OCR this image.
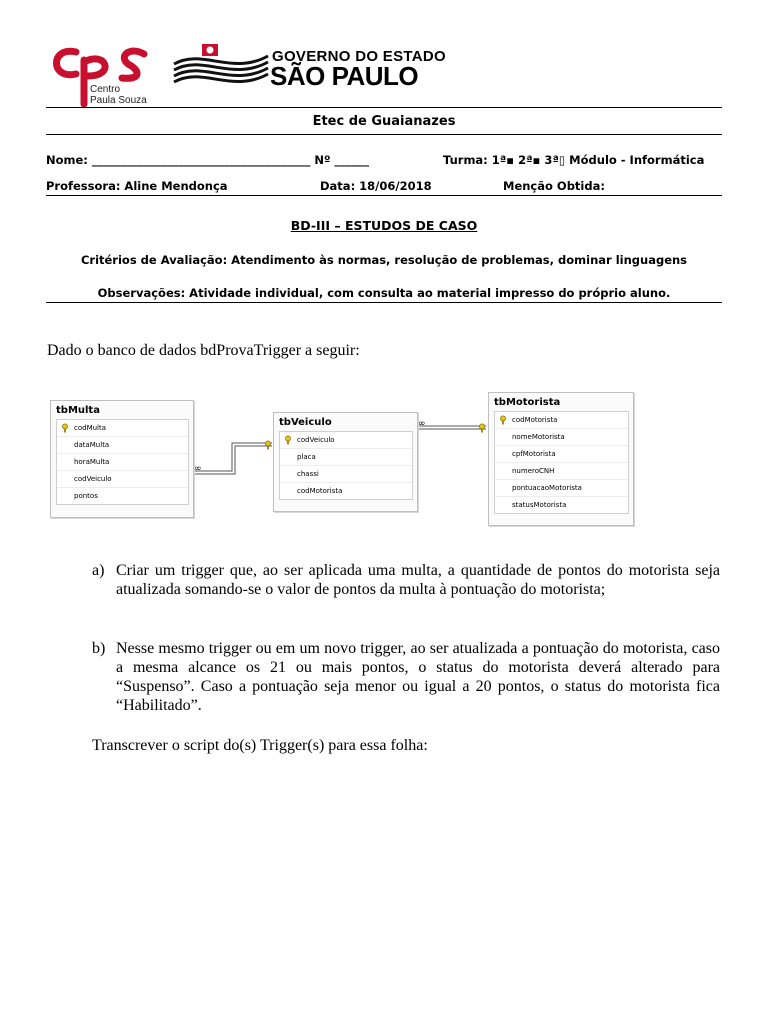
Centro
Paula Souza
GOVERNO DO ESTADO
SÃO PAULO
Etec de Guaianazes
Nome: ______________________________________ Nº ______	Turma: 1ª▪ 2ª▪ 3ª▯ Módulo - Informática
Professora: Aline Mendonça	Data: 18/06/2018	Menção Obtida:
BD-III – ESTUDOS DE CASO
Critérios de Avaliação: Atendimento às normas, resolução de problemas, dominar linguagens
Observações: Atividade individual, com consulta ao material impresso do próprio aluno.
Dado o banco de dados bdProvaTrigger a seguir:
∞
∞
tbMulta
codMulta
dataMulta
horaMulta
codVeiculo
pontos
tbVeiculo
codVeiculo
placa
chassi
codMotorista
tbMotorista
codMotorista
nomeMotorista
cpfMotorista
numeroCNH
pontuacaoMotorista
statusMotorista
a) Criar um trigger que, ao ser aplicada uma multa, a quantidade de pontos do motorista seja atualizada somando-se o valor de pontos da multa à pontuação do motorista;
b) Nesse mesmo trigger ou em um novo trigger, ao ser atualizada a pontuação do motorista, caso a mesma alcance os 21 ou mais pontos, o status do motorista deverá alterado para “Suspenso”. Caso a pontuação seja menor ou igual a 20 pontos, o status do motorista fica “Habilitado”.
Transcrever o script do(s) Trigger(s) para essa folha:
